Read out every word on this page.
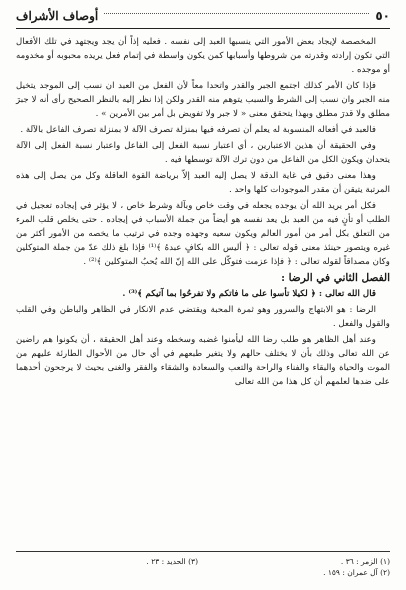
٥٠
أوصاف الأشراف

المخصصة لإيجاد بعض الأمور التي ينسبها العبد إلى نفسه . فعليه إذاً أن يجد ويجتهد في تلك الأفعال التي تكون إرادته وقدرته من شروطها وأسبابها كمن يكون واسطة في إتمام فعل يريده محبوبه أو مخدومه أو موجده .

فإذا كان الأمر كذلك اجتمع الجبر والقدر واتحدا معاً لأن الفعل من العبد ان نسب إلى الموجد يتخيل منه الجبر وان نسب إلى الشرط والسبب يتوهم منه القدر ولكن إذا نظر إليه بالنظر الصحيح رأى أنه لا جبرَ مطلق ولا قدرَ مطلق وبهذا يتحقق معنى « لا جبر ولا تفويض بل أمر بين الأمرين » .

فالعبد في أفعاله المنسوبة له يعلم أن تصرفه فيها بمنزلة تصرف الآلة لا بمنزلة تصرف الفاعل بالآلة .

وفي الحقيقة أن هذين الاعتبارين ، أي اعتبار نسبة الفعل إلى الفاعل واعتبار نسبة الفعل إلى الآلة يتحدان ويكون الكل من الفاعل من دون ترك الآلة توسطها فيه .

وهذا معنى دقيق في غاية الدقة لا يصل إليه العبد إلاّ برياضة القوة العاقلة وكل من يصل إلى هذه المرتبة يتيقن أن مقدر الموجودات كلها واحد .

فكل أمر يريد الله أن يوجده يجعله في وقت خاص وبآلة وشرط خاص ، لا يؤثر في إيجاده تعجيل في الطلب أو تأنٍ فيه من العبد بل يعد نفسه هو أيضاً من جملة الأسباب في إيجاده . حتى يخلص قلب المرء من التعلق بكل أمر من أمور العالم ويكون سعيه وجهده وجده في ترتيب ما يخصه من الأمور أكثر من غيره ويتصور حينئذ معنى قوله تعالى : ﴿ أليس الله بكافٍ عبدهُ ﴾⁽¹⁾ فإذا بلغ ذلك عدّ من جملة المتوكلين وكان مصداقاً لقوله تعالى : ﴿ فإذا عزمت فتوكّل على الله إنّ الله يُحبُ المتوكلين ﴾⁽²⁾ .

الفصل الثاني في الرضا :

قال الله تعالى : ﴿ لكيلا تأسوا على ما فاتكم ولا تفرحُوا بما آتيكم ﴾⁽³⁾ .

الرضا : هو الابتهاج والسرور وهو ثمرة المحبة ويقتضي عدم الانكار في الظاهر والباطن وفي القلب والقول والفعل .

وعند أهل الظاهر هو طلب رضا الله ليأمنوا غضبه وسخطه وعند أهل الحقيقة ، أن يكونوا هم راضين عن الله تعالى وذلك بأن لا يختلف حالهم ولا يتغير طبعهم في أي حال من الأحوال الطارئة عليهم من الموت والحياة والبقاء والفناء والراحة والتعب والسعادة والشقاء والفقر والغنى بحيث لا يرجحون أحدهما على ضدها لعلمهم أن كل هذا من الله تعالى

(١) الزمر : ٣٦ .
(٣) الحديد : ٢٣ .
(٢) آل عمران : ١٥٩ .
